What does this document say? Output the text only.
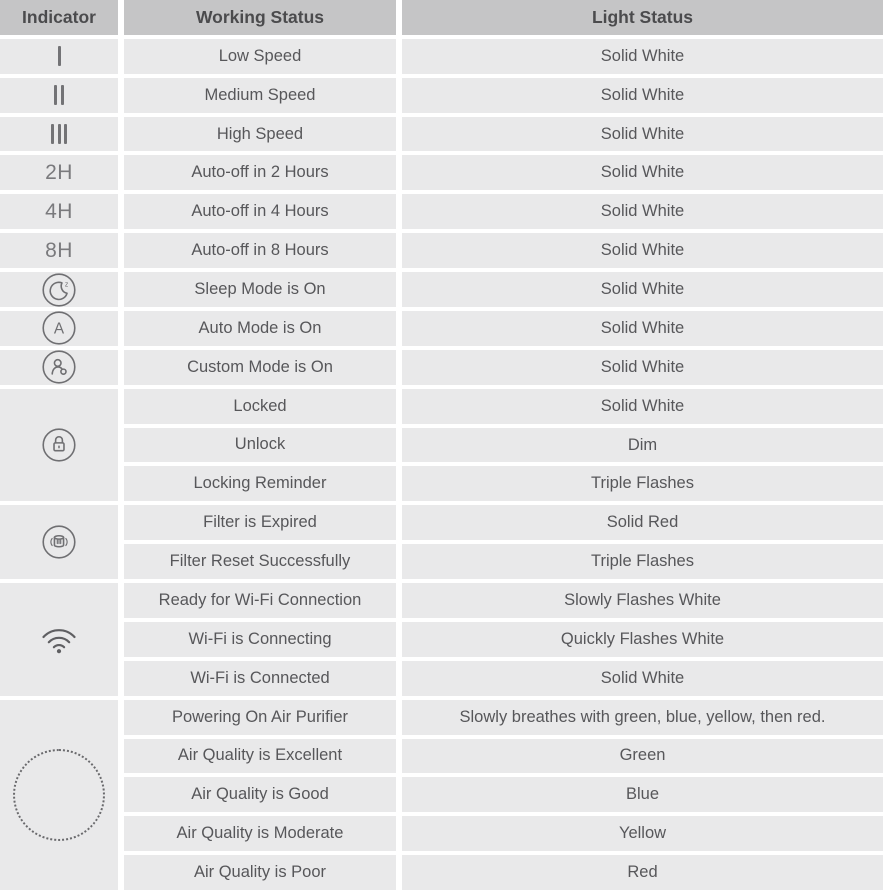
Indicator	Working Status	Light Status
Low Speed	Solid White
Medium Speed	Solid White
High Speed	Solid White
2H	Auto-off in 2 Hours	Solid White
4H	Auto-off in 4 Hours	Solid White
8H	Auto-off in 8 Hours	Solid White
z	Sleep Mode is On	Solid White
A	Auto Mode is On	Solid White
Custom Mode is On	Solid White
Locked	Solid White
Unlock	Dim
Locking Reminder	Triple Flashes
Filter is Expired	Solid Red
Filter Reset Successfully	Triple Flashes
Ready for Wi-Fi Connection	Slowly Flashes White
Wi-Fi is Connecting	Quickly Flashes White
Wi-Fi is Connected	Solid White
Powering On Air Purifier	Slowly breathes with green, blue, yellow, then red.
Air Quality is Excellent	Green
Air Quality is Good	Blue
Air Quality is Moderate	Yellow
Air Quality is Poor	Red
